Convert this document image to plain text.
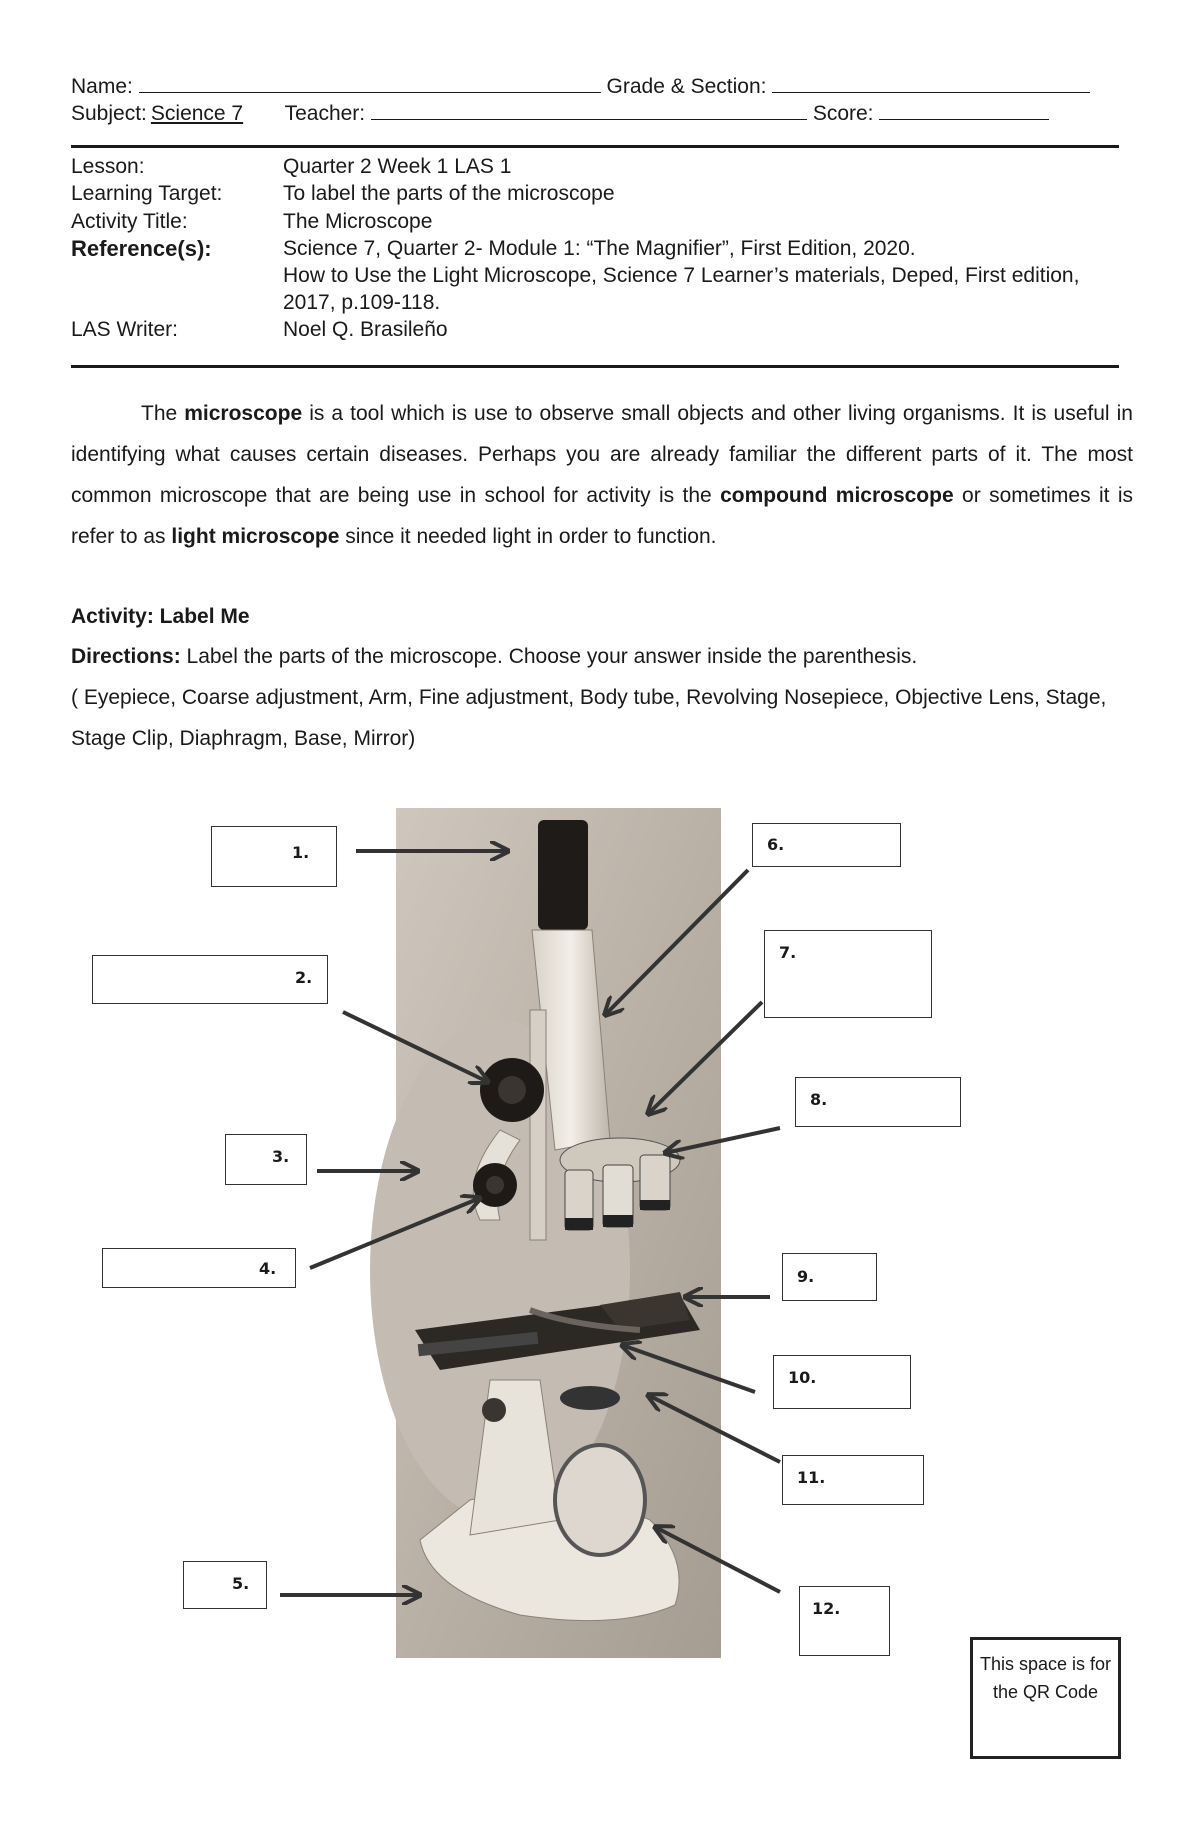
Name:	Grade & Section:
Subject: Science 7 Teacher:	Score:
Lesson:	Quarter 2 Week 1 LAS 1
Learning Target:	To label the parts of the microscope
Activity Title:	The Microscope
Reference(s):	Science 7, Quarter 2- Module 1: “The Magnifier”, First Edition, 2020.
How to Use the Light Microscope, Science 7 Learner’s materials, Deped, First edition, 2017, p.109-118.
LAS Writer:	Noel Q. Brasileño
The microscope is a tool which is use to observe small objects and other living organisms. It is useful in identifying what causes certain diseases. Perhaps you are already familiar the different parts of it. The most common microscope that are being use in school for activity is the compound microscope or sometimes it is refer to as light microscope since it needed light in order to function.
Activity: Label Me
Directions: Label the parts of the microscope. Choose your answer inside the parenthesis.
( Eyepiece, Coarse adjustment, Arm, Fine adjustment, Body tube, Revolving Nosepiece, Objective Lens, Stage, Stage Clip, Diaphragm, Base, Mirror)
1.
2.
3.
4.
5.
6.
7.
8.
9.
10.
11.
12.
This space is for the QR Code
